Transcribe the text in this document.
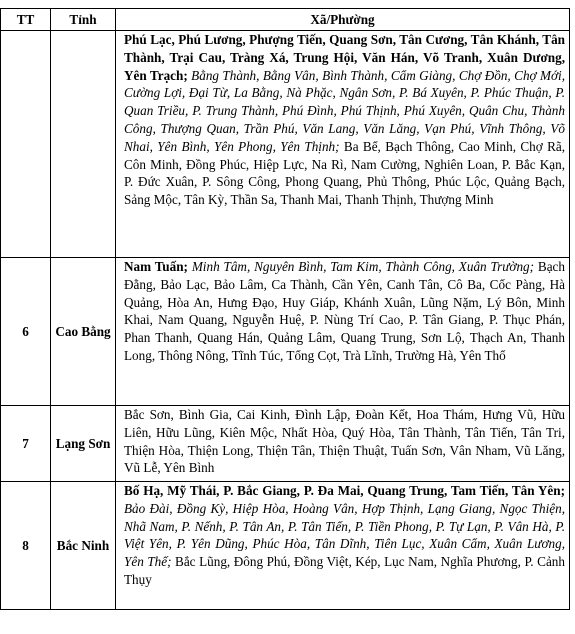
TT	Tỉnh	Xã/Phường
		Phú Lạc, Phú Lương, Phượng Tiến, Quang Sơn, Tân Cương, Tân Khánh, Tân Thành, Trại Cau, Tràng Xá, Trung Hội, Văn Hán, Võ Tranh, Xuân Dương, Yên Trạch; Bằng Thành, Bằng Vân, Bình Thành, Cẩm Giàng, Chợ Đồn, Chợ Mới, Cường Lợi, Đại Từ, La Bằng, Nà Phặc, Ngân Sơn, P. Bá Xuyên, P. Phúc Thuận, P. Quan Triều, P. Trung Thành, Phú Đình, Phú Thịnh, Phú Xuyên, Quân Chu, Thành Công, Thượng Quan, Trần Phú, Văn Lang, Văn Lăng, Vạn Phú, Vĩnh Thông, Võ Nhai, Yên Bình, Yên Phong, Yên Thịnh; Ba Bể, Bạch Thông, Cao Minh, Chợ Rã, Côn Minh, Đồng Phúc, Hiệp Lực, Na Rì, Nam Cường, Nghiên Loan, P. Bắc Kạn, P. Đức Xuân, P. Sông Công, Phong Quang, Phủ Thông, Phúc Lộc, Quảng Bạch, Sảng Mộc, Tân Kỳ, Thần Sa, Thanh Mai, Thanh Thịnh, Thượng Minh
6	Cao Bằng	Nam Tuấn; Minh Tâm, Nguyên Bình, Tam Kim, Thành Công, Xuân Trường; Bạch Đằng, Bảo Lạc, Bảo Lâm, Ca Thành, Cần Yên, Canh Tân, Cô Ba, Cốc Pàng, Hà Quảng, Hòa An, Hưng Đạo, Huy Giáp, Khánh Xuân, Lũng Nặm, Lý Bôn, Minh Khai, Nam Quang, Nguyễn Huệ, P. Nùng Trí Cao, P. Tân Giang, P. Thục Phán, Phan Thanh, Quang Hán, Quảng Lâm, Quang Trung, Sơn Lộ, Thạch An, Thanh Long, Thông Nông, Tĩnh Túc, Tổng Cọt, Trà Lĩnh, Trường Hà, Yên Thổ
7	Lạng Sơn	Bắc Sơn, Bình Gia, Cai Kinh, Đình Lập, Đoàn Kết, Hoa Thám, Hưng Vũ, Hữu Liên, Hữu Lũng, Kiên Mộc, Nhất Hòa, Quý Hòa, Tân Thành, Tân Tiến, Tân Tri, Thiện Hòa, Thiện Long, Thiện Tân, Thiện Thuật, Tuấn Sơn, Vân Nham, Vũ Lăng, Vũ Lễ, Yên Bình
8	Bắc Ninh	Bố Hạ, Mỹ Thái, P. Bắc Giang, P. Đa Mai, Quang Trung, Tam Tiến, Tân Yên; Bảo Đài, Đồng Kỳ, Hiệp Hòa, Hoàng Vân, Hợp Thịnh, Lạng Giang, Ngọc Thiện, Nhã Nam, P. Nếnh, P. Tân An, P. Tân Tiến, P. Tiền Phong, P. Tự Lạn, P. Vân Hà, P. Việt Yên, P. Yên Dũng, Phúc Hòa, Tân Dĩnh, Tiên Lục, Xuân Cẩm, Xuân Lương, Yên Thế; Bắc Lũng, Đông Phú, Đồng Việt, Kép, Lục Nam, Nghĩa Phương, P. Cảnh Thụy
